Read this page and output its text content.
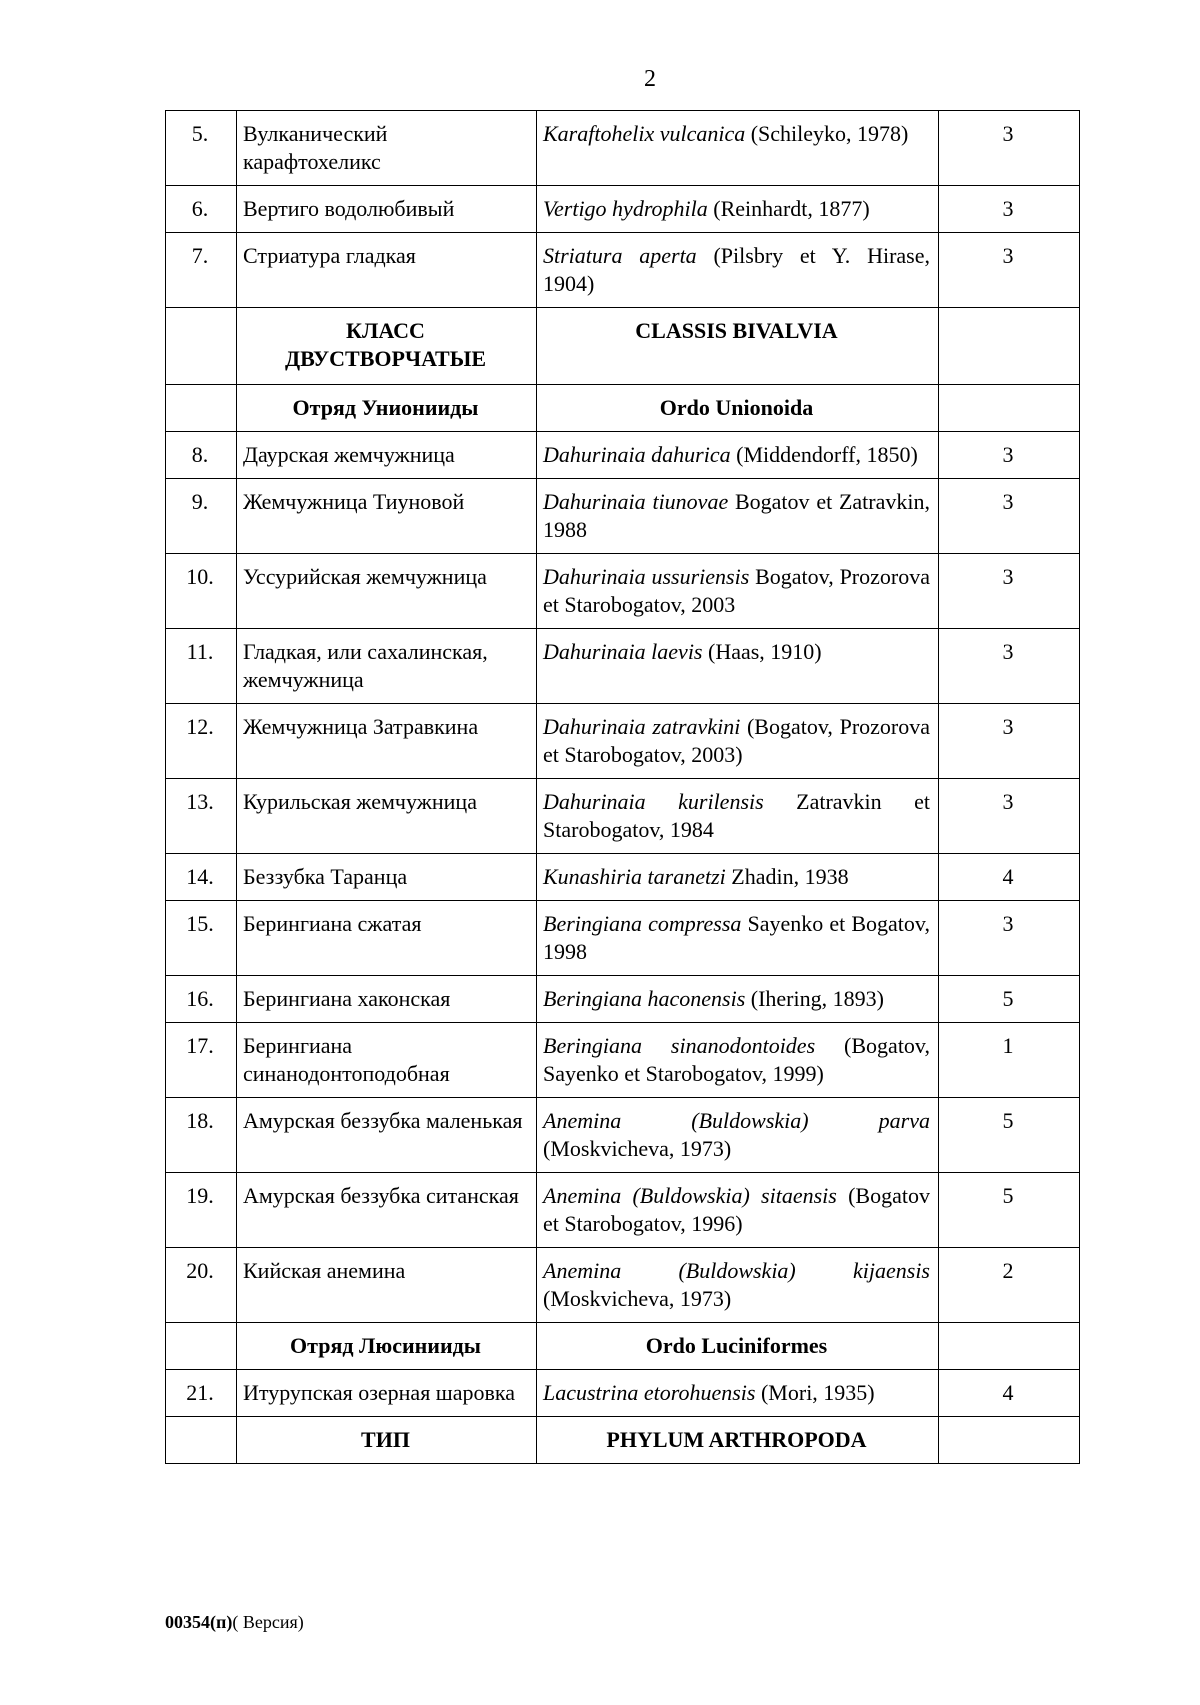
2
5.	Вулканический карафтохеликс	Karaftohelix vulcanica (Schileyko, 1978)	3
6.	Вертиго водолюбивый	Vertigo hydrophila (Reinhardt, 1877)	3
7.	Стриатура гладкая	Striatura aperta (Pilsbry et Y. Hirase, 1904)	3
	КЛАСС ДВУСТВОРЧАТЫЕ	CLASSIS BIVALVIA	
	Отряд Унионииды	Ordo Unionoida	
8.	Даурская жемчужница	Dahurinaia dahurica (Middendorff, 1850)	3
9.	Жемчужница Тиуновой	Dahurinaia tiunovae Bogatov et Zatravkin, 1988	3
10.	Уссурийская жемчужница	Dahurinaia ussuriensis Bogatov, Prozorova et Starobogatov, 2003	3
11.	Гладкая, или сахалинская, жемчужница	Dahurinaia laevis (Haas, 1910)	3
12.	Жемчужница Затравкина	Dahurinaia zatravkini (Bogatov, Prozorova et Starobogatov, 2003)	3
13.	Курильская жемчужница	Dahurinaia kurilensis Zatravkin et Starobogatov, 1984	3
14.	Беззубка Таранца	Kunashiria taranetzi Zhadin, 1938	4
15.	Берингиана сжатая	Beringiana compressa Sayenko et Bogatov, 1998	3
16.	Берингиана хаконская	Beringiana haconensis (Ihering, 1893)	5
17.	Берингиана синанодонтоподобная	Beringiana sinanodontoides (Bogatov, Sayenko et Starobogatov, 1999)	1
18.	Амурская беззубка маленькая	Anemina (Buldowskia) parva (Moskvicheva, 1973)	5
19.	Амурская беззубка ситанская	Anemina (Buldowskia) sitaensis (Bogatov et Starobogatov, 1996)	5
20.	Кийская анемина	Anemina (Buldowskia) kijaensis (Moskvicheva, 1973)	2
	Отряд Люсинииды	Ordo Luciniformes	
21.	Итурупская озерная шаровка	Lacustrina etorohuensis (Mori, 1935)	4
	ТИП	PHYLUM ARTHROPODA	
00354(п)( Версия)
